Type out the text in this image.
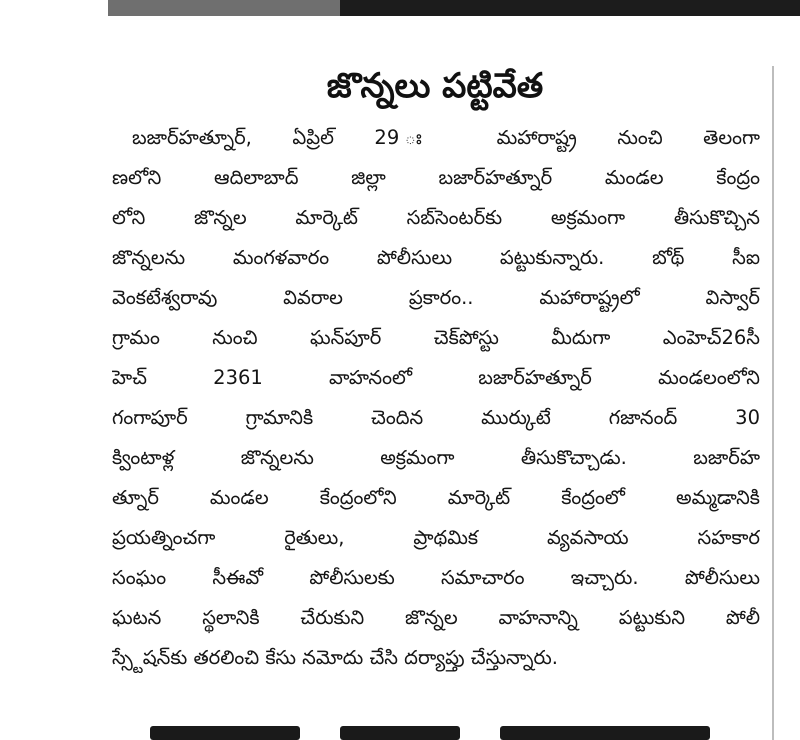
జొన్నలు పట్టివేత
బజార్‌హత్నూర్‌, ఏప్రిల్‌ 29 ః మహారాష్ట్ర నుంచి తెలంగా
ణలోని ఆదిలాబాద్‌ జిల్లా బజార్‌హత్నూర్‌ మండల కేంద్రం
లోని జొన్నల మార్కెట్‌ సబ్‌సెంటర్‌కు అక్రమంగా తీసుకొచ్చిన
జొన్నలను మంగళవారం పోలీసులు పట్టుకున్నారు. బోథ్‌ సీఐ
వెంకటేశ్వరావు వివరాల ప్రకారం.. మహారాష్ట్రలో విస్వార్‌
గ్రామం నుంచి ఘన్‌పూర్‌ చెక్‌పోస్టు మీదుగా ఎంహెచ్‌26సీ
హెచ్‌ 2361 వాహనంలో బజార్‌హత్నూర్‌ మండలంలోని
గంగాపూర్‌ గ్రామానికి చెందిన ముర్కుటే గజానంద్‌ 30
క్వింటాళ్ల జొన్నలను అక్రమంగా తీసుకొచ్చాడు. బజార్‌హ
త్నూర్‌ మండల కేంద్రంలోని మార్కెట్‌ కేంద్రంలో అమ్మడానికి
ప్రయత్నించగా రైతులు, ప్రాథమిక వ్యవసాయ సహకార
సంఘం సీఈవో పోలీసులకు సమాచారం ఇచ్చారు. పోలీసులు
ఘటన స్థలానికి చేరుకుని జొన్నల వాహనాన్ని పట్టుకుని పోలీ
స్స్టేషన్‌కు తరలించి కేసు నమోదు చేసి దర్యాప్తు చేస్తున్నారు.
